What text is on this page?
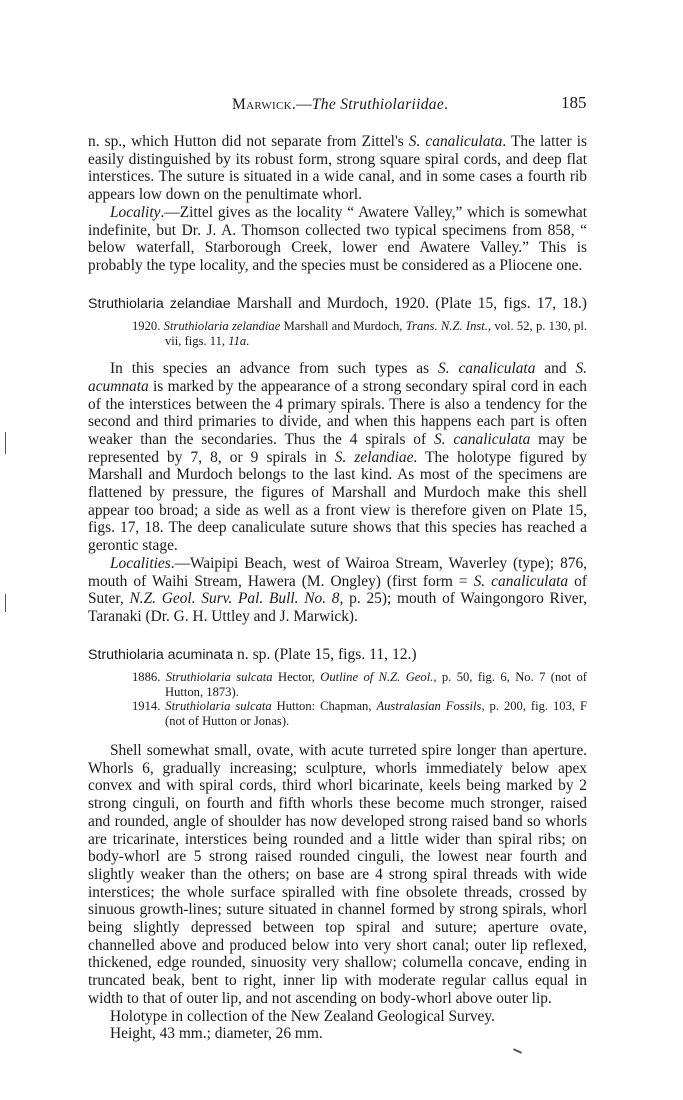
Marwick.—The Struthiolariidae.	185

n. sp., which Hutton did not separate from Zittel's S. canaliculata. The latter is easily distinguished by its robust form, strong square spiral cords, and deep flat interstices. The suture is situated in a wide canal, and in some cases a fourth rib appears low down on the penultimate whorl.

Locality.—Zittel gives as the locality “ Awatere Valley,” which is somewhat indefinite, but Dr. J. A. Thomson collected two typical specimens from 858, “ below waterfall, Starborough Creek, lower end Awatere Valley.” This is probably the type locality, and the species must be considered as a Pliocene one.

Struthiolaria zelandiae Marshall and Murdoch, 1920. (Plate 15, figs. 17, 18.)

1920. Struthiolaria zelandiae Marshall and Murdoch, Trans. N.Z. Inst., vol. 52, p. 130, pl. vii, figs. 11, 11a.

In this species an advance from such types as S. canaliculata and S. acumnata is marked by the appearance of a strong secondary spiral cord in each of the interstices between the 4 primary spirals. There is also a tendency for the second and third primaries to divide, and when this happens each part is often weaker than the secondaries. Thus the 4 spirals of S. canaliculata may be represented by 7, 8, or 9 spirals in S. zelandiae. The holotype figured by Marshall and Murdoch belongs to the last kind. As most of the specimens are flattened by pressure, the figures of Marshall and Murdoch make this shell appear too broad; a side as well as a front view is therefore given on Plate 15, figs. 17, 18. The deep canaliculate suture shows that this species has reached a gerontic stage.

Localities.—Waipipi Beach, west of Wairoa Stream, Waverley (type); 876, mouth of Waihi Stream, Hawera (M. Ongley) (first form = S. canaliculata of Suter, N.Z. Geol. Surv. Pal. Bull. No. 8, p. 25); mouth of Waingongoro River, Taranaki (Dr. G. H. Uttley and J. Marwick).

Struthiolaria acuminata n. sp. (Plate 15, figs. 11, 12.)

1886. Struthiolaria sulcata Hector, Outline of N.Z. Geol., p. 50, fig. 6, No. 7 (not of Hutton, 1873).

1914. Struthiolaria sulcata Hutton: Chapman, Australasian Fossils, p. 200, fig. 103, F (not of Hutton or Jonas).

Shell somewhat small, ovate, with acute turreted spire longer than aperture. Whorls 6, gradually increasing; sculpture, whorls immediately below apex convex and with spiral cords, third whorl bicarinate, keels being marked by 2 strong cinguli, on fourth and fifth whorls these become much stronger, raised and rounded, angle of shoulder has now developed strong raised band so whorls are tricarinate, interstices being rounded and a little wider than spiral ribs; on body-whorl are 5 strong raised rounded cinguli, the lowest near fourth and slightly weaker than the others; on base are 4 strong spiral threads with wide interstices; the whole surface spiralled with fine obsolete threads, crossed by sinuous growth-lines; suture situated in channel formed by strong spirals, whorl being slightly depressed between top spiral and suture; aperture ovate, channelled above and produced below into very short canal; outer lip reflexed, thickened, edge rounded, sinuosity very shallow; columella concave, ending in truncated beak, bent to right, inner lip with moderate regular callus equal in width to that of outer lip, and not ascending on body-whorl above outer lip.

Holotype in collection of the New Zealand Geological Survey.

Height, 43 mm.; diameter, 26 mm.
